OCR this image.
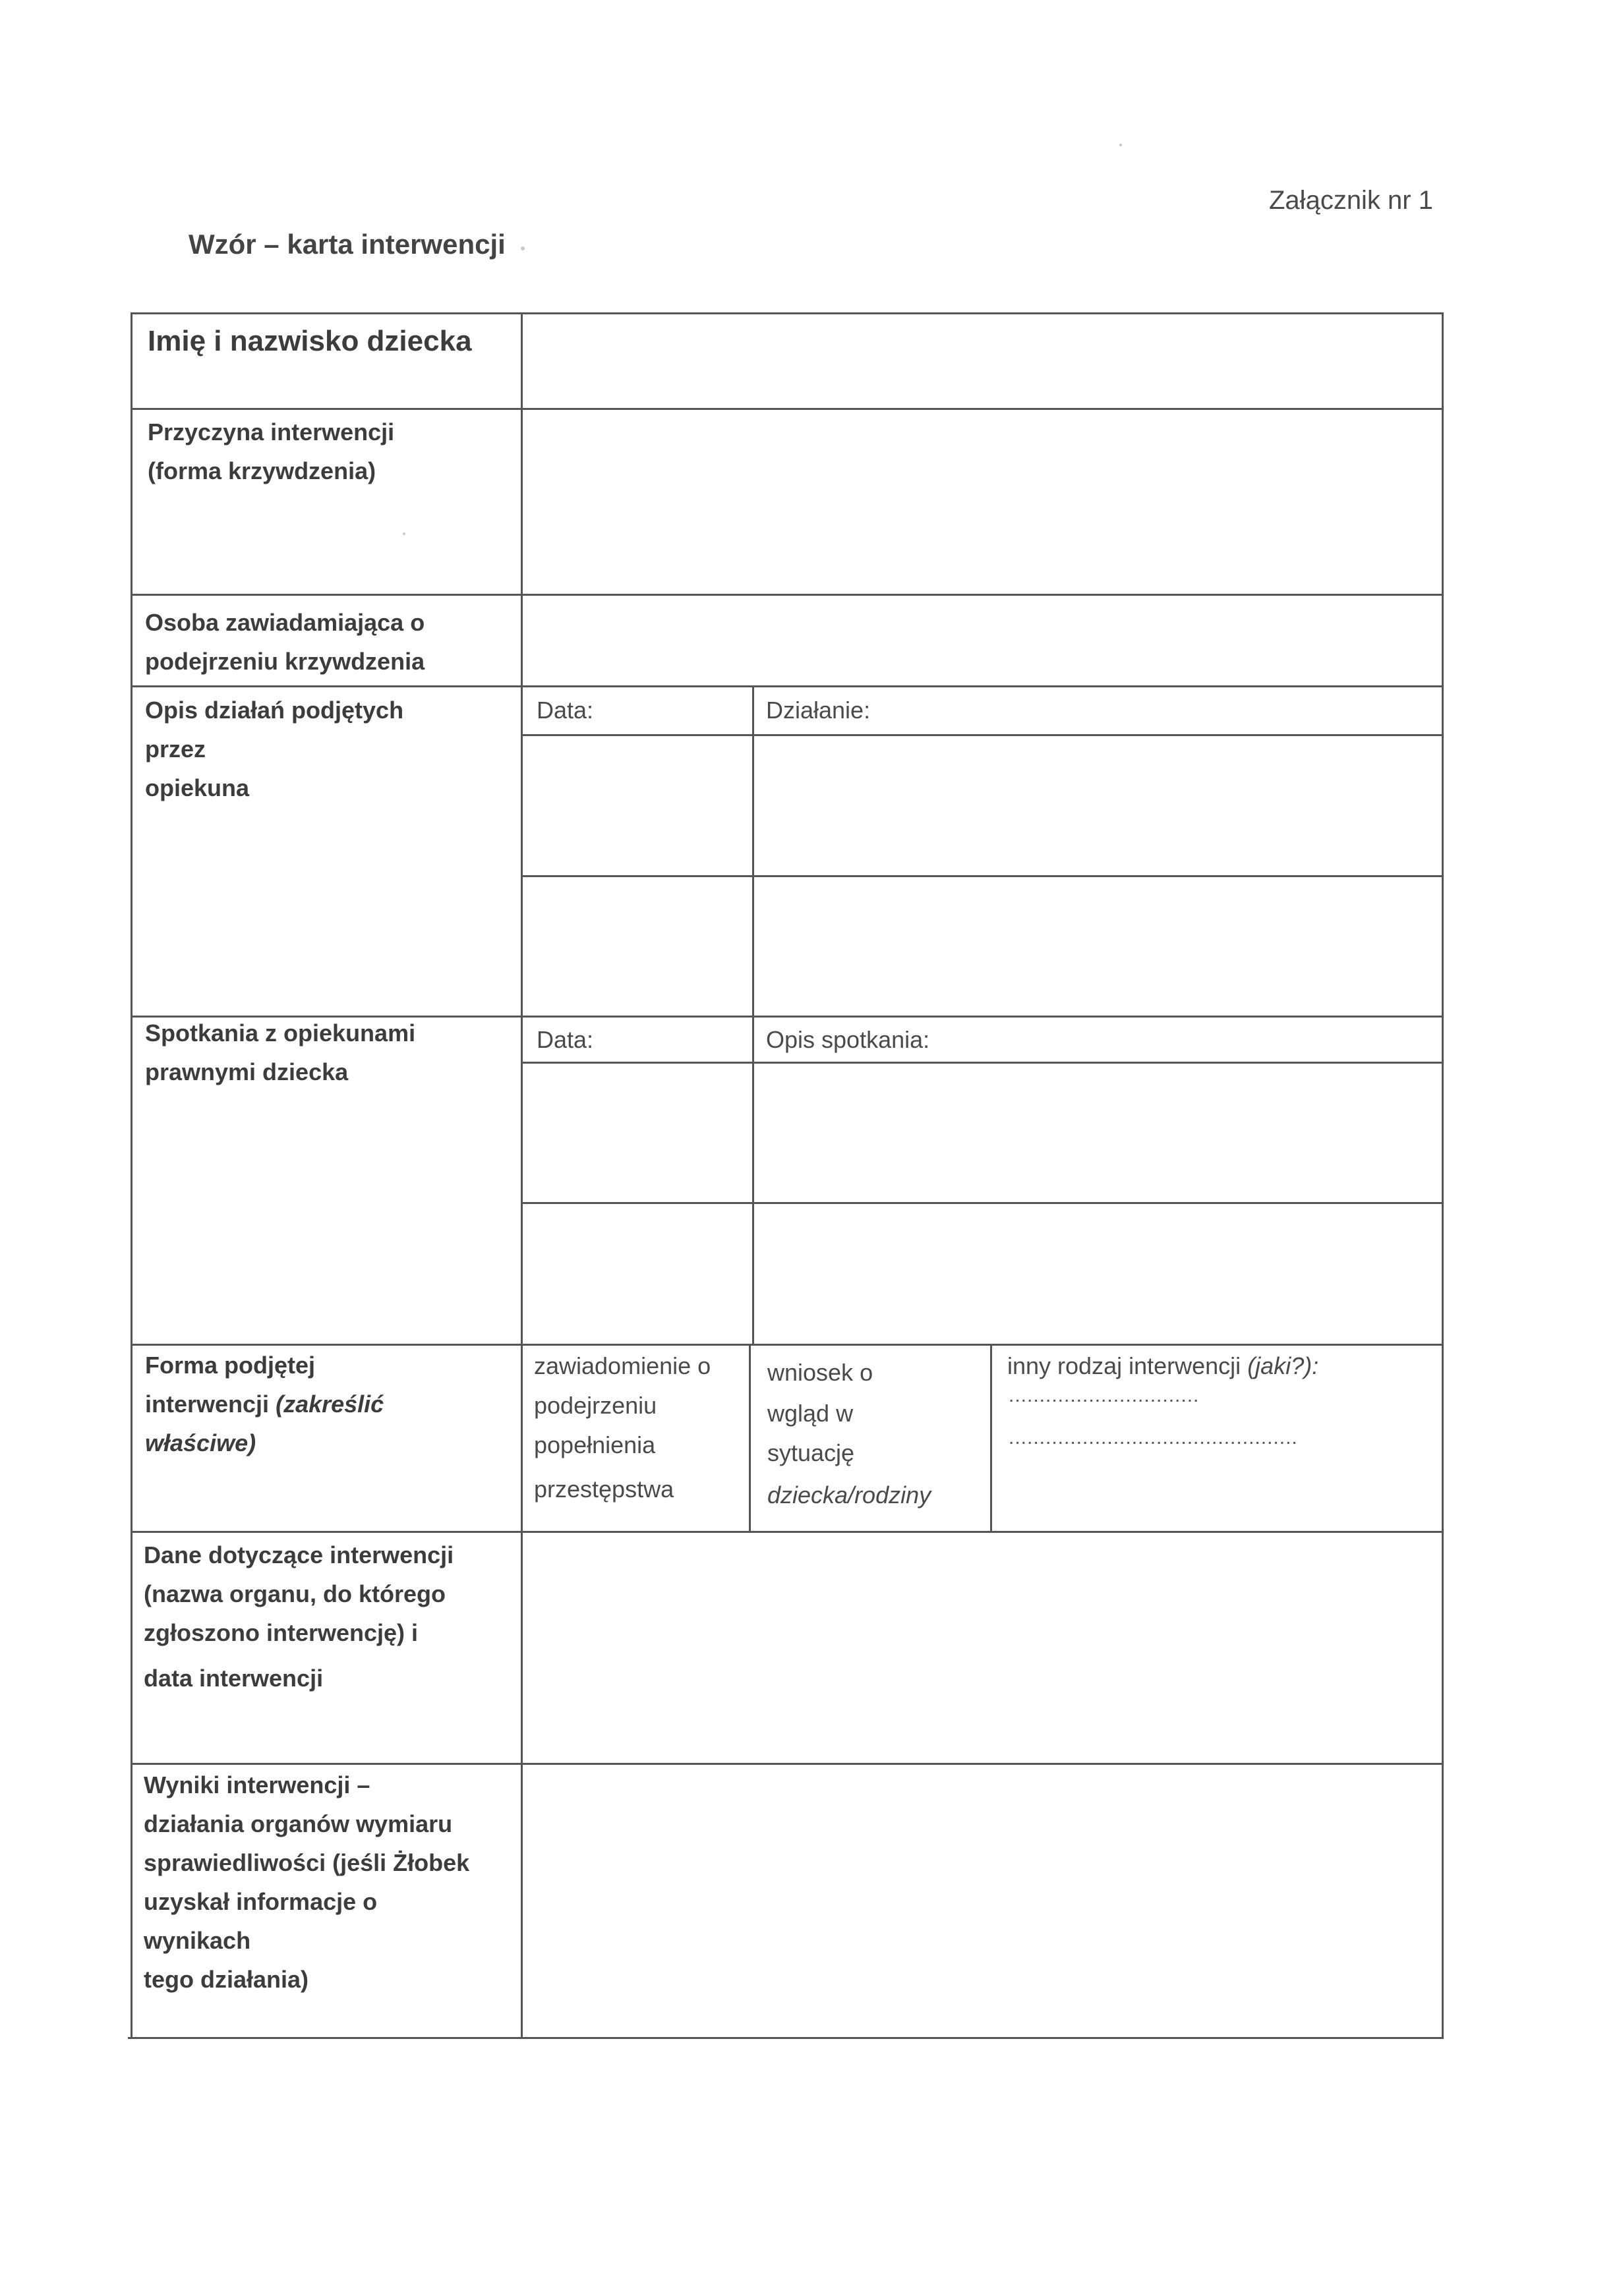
Załącznik nr 1
Wzór – karta interwencji
Imię i nazwisko dziecka
Przyczyna interwencji
(forma krzywdzenia)
Osoba zawiadamiająca o
podejrzeniu krzywdzenia
Opis działań podjętych
przez
opiekuna
Data:	Działanie:
Spotkania z opiekunami
prawnymi dziecka
Data:	Opis spotkania:
Forma podjętej
interwencji (zakreślić
właściwe)
zawiadomienie o
podejrzeniu
popełnienia
przestępstwa
wniosek o
wgląd w
sytuację
dziecka/rodziny
inny rodzaj interwencji (jaki?):
...............................
...............................................
Dane dotyczące interwencji
(nazwa organu, do którego
zgłoszono interwencję) i
data interwencji
Wyniki interwencji –
działania organów wymiaru
sprawiedliwości (jeśli Żłobek
uzyskał informacje o
wynikach
tego działania)
